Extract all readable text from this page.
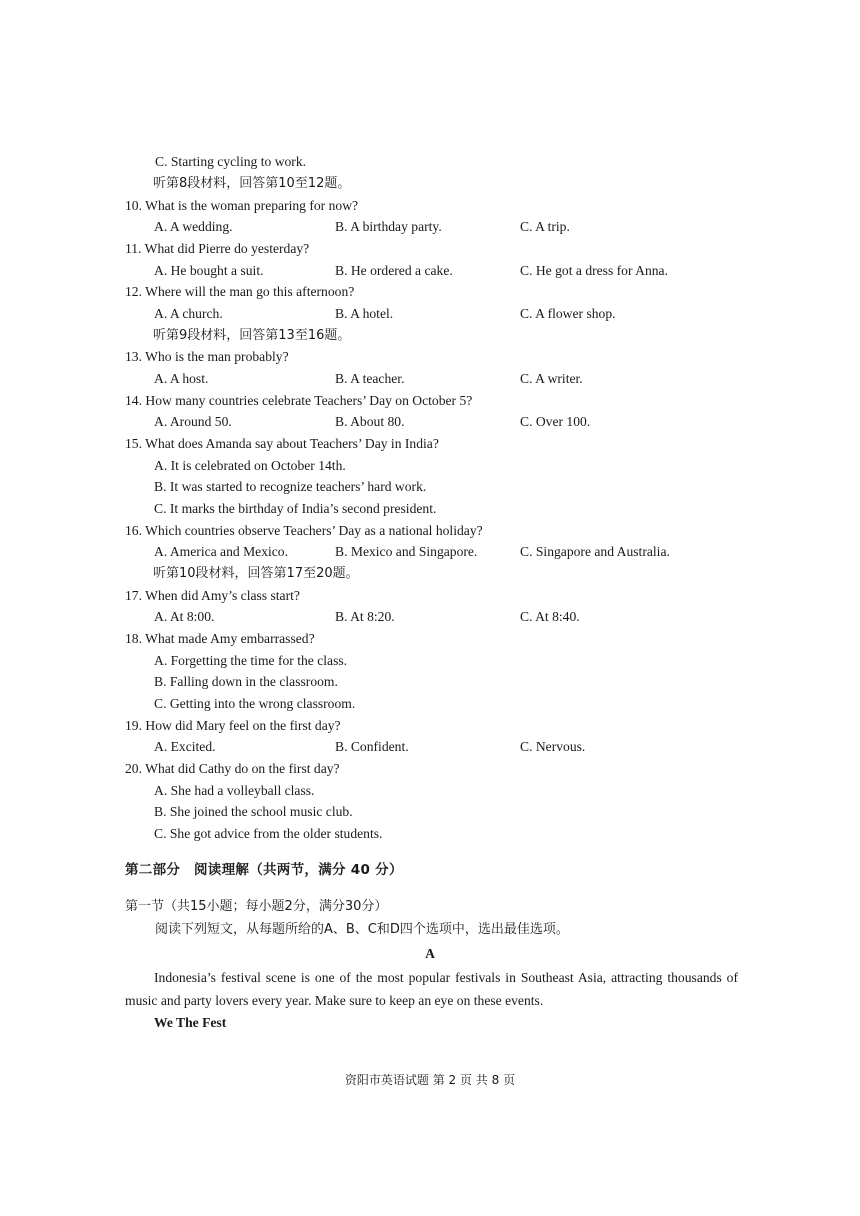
C. Starting cycling to work.
听第8段材料，回答第10至12题。
10. What is the woman preparing for now?
A. A wedding.	B. A birthday party.	C. A trip.
11. What did Pierre do yesterday?
A. He bought a suit.	B. He ordered a cake.	C. He got a dress for Anna.
12. Where will the man go this afternoon?
A. A church.	B. A hotel.	C. A flower shop.
听第9段材料，回答第13至16题。
13. Who is the man probably?
A. A host.	B. A teacher.	C. A writer.
14. How many countries celebrate Teachers’ Day on October 5?
A. Around 50.	B. About 80.	C. Over 100.
15. What does Amanda say about Teachers’ Day in India?
A. It is celebrated on October 14th.
B. It was started to recognize teachers’ hard work.
C. It marks the birthday of India’s second president.
16. Which countries observe Teachers’ Day as a national holiday?
A. America and Mexico.	B. Mexico and Singapore.	C. Singapore and Australia.
听第10段材料，回答第17至20题。
17. When did Amy’s class start?
A. At 8:00.	B. At 8:20.	C. At 8:40.
18. What made Amy embarrassed?
A. Forgetting the time for the class.
B. Falling down in the classroom.
C. Getting into the wrong classroom.
19. How did Mary feel on the first day?
A. Excited.	B. Confident.	C. Nervous.
20. What did Cathy do on the first day?
A. She had a volleyball class.
B. She joined the school music club.
C. She got advice from the older students.
第二部分　阅读理解（共两节，满分 40 分）
第一节（共15小题；每小题2分，满分30分）
阅读下列短文，从每题所给的A、B、C和D四个选项中，选出最佳选项。
A
Indonesia’s festival scene is one of the most popular festivals in Southeast Asia, attracting thousands of music and party lovers every year. Make sure to keep an eye on these events.
We The Fest
资阳市英语试题 第 2 页 共 8 页
